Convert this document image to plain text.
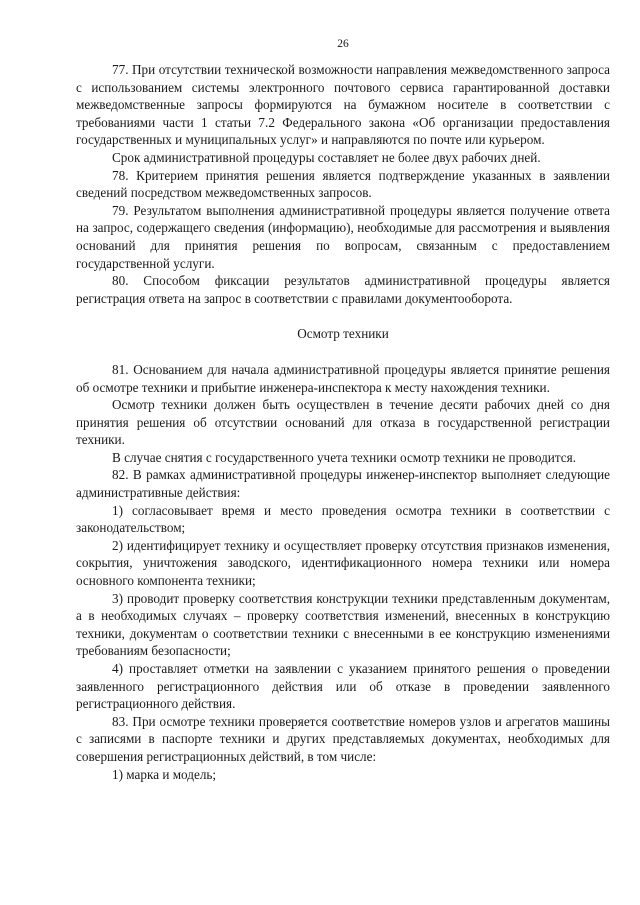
26

77. При отсутствии технической возможности направления межведомственного запроса с использованием системы электронного почтового сервиса гарантированной доставки межведомственные запросы формируются на бумажном носителе в соответствии с требованиями части 1 статьи 7.2 Федерального закона «Об организации предоставления государственных и муниципальных услуг» и направляются по почте или курьером.

Срок административной процедуры составляет не более двух рабочих дней.

78. Критерием принятия решения является подтверждение указанных в заявлении сведений посредством межведомственных запросов.

79. Результатом выполнения административной процедуры является получение ответа на запрос, содержащего сведения (информацию), необходимые для рассмотрения и выявления оснований для принятия решения по вопросам, связанным с предоставлением государственной услуги.

80. Способом фиксации результатов административной процедуры является регистрация ответа на запрос в соответствии с правилами документооборота.

Осмотр техники

81. Основанием для начала административной процедуры является принятие решения об осмотре техники и прибытие инженера-инспектора к месту нахождения техники.

Осмотр техники должен быть осуществлен в течение десяти рабочих дней со дня принятия решения об отсутствии оснований для отказа в государственной регистрации техники.

В случае снятия с государственного учета техники осмотр техники не проводится.

82. В рамках административной процедуры инженер-инспектор выполняет следующие административные действия:

1) согласовывает время и место проведения осмотра техники в соответствии с законодательством;

2) идентифицирует технику и осуществляет проверку отсутствия признаков изменения, сокрытия, уничтожения заводского, идентификационного номера техники или номера основного компонента техники;

3) проводит проверку соответствия конструкции техники представленным документам, а в необходимых случаях – проверку соответствия изменений, внесенных в конструкцию техники, документам о соответствии техники с внесенными в ее конструкцию изменениями требованиям безопасности;

4) проставляет отметки на заявлении с указанием принятого решения о проведении заявленного регистрационного действия или об отказе в проведении заявленного регистрационного действия.

83. При осмотре техники проверяется соответствие номеров узлов и агрегатов машины с записями в паспорте техники и других представляемых документах, необходимых для совершения регистрационных действий, в том числе:

1) марка и модель;
